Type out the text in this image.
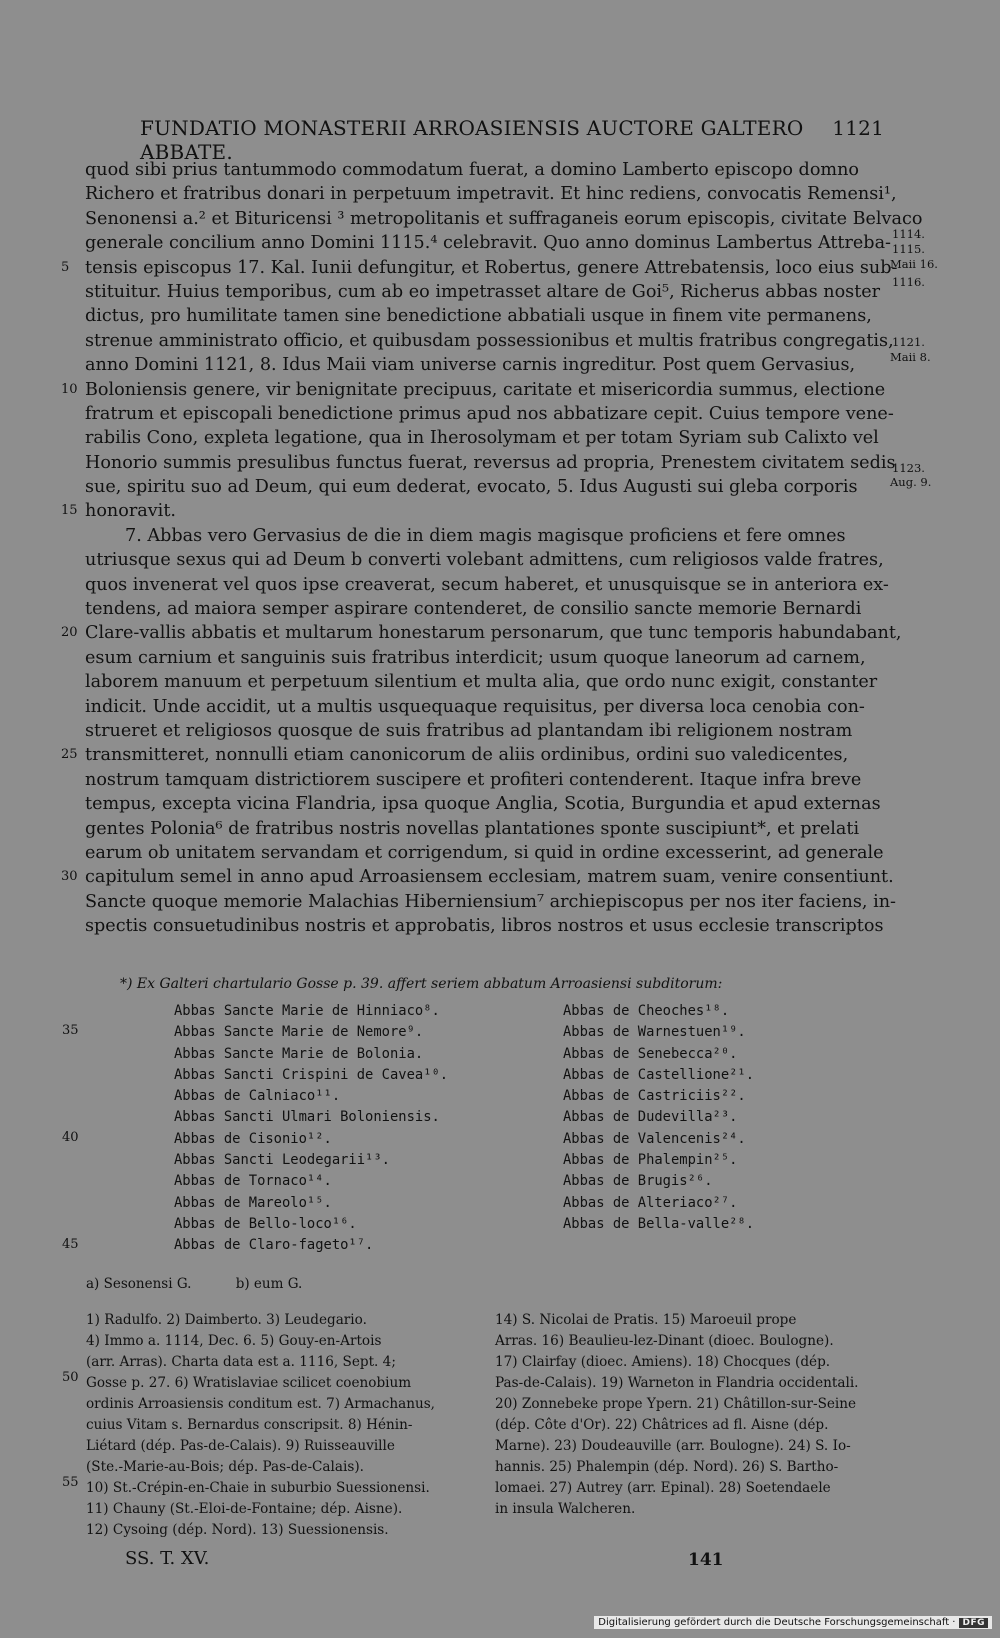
FUNDATIO MONASTERII ARROASIENSIS AUCTORE GALTERO ABBATE.
1121
quod sibi prius tantummodo commodatum fuerat, a domino Lamberto episcopo domno
Richero et fratribus donari in perpetuum impetravit. Et hinc rediens, convocatis Remensi¹,
Senonensi a.² et Bituricensi ³ metropolitanis et suffraganeis eorum episcopis, civitate Belvaco
generale concilium anno Domini 1115.⁴ celebravit. Quo anno dominus Lambertus Attreba-
tensis episcopus 17. Kal. Iunii defungitur, et Robertus, genere Attrebatensis, loco eius sub-
5
stituitur. Huius temporibus, cum ab eo impetrasset altare de Goi⁵, Richerus abbas noster
dictus, pro humilitate tamen sine benedictione abbatiali usque in finem vite permanens,
strenue amministrato officio, et quibusdam possessionibus et multis fratribus congregatis,
anno Domini 1121, 8. Idus Maii viam universe carnis ingreditur. Post quem Gervasius,
Boloniensis genere, vir benignitate precipuus, caritate et misericordia summus, electione
10
fratrum et episcopali benedictione primus apud nos abbatizare cepit. Cuius tempore vene-
rabilis Cono, expleta legatione, qua in Iherosolymam et per totam Syriam sub Calixto vel
Honorio summis presulibus functus fuerat, reversus ad propria, Prenestem civitatem sedis
sue, spiritu suo ad Deum, qui eum dederat, evocato, 5. Idus Augusti sui gleba corporis
honoravit.
15
7. Abbas vero Gervasius de die in diem magis magisque proficiens et fere omnes
utriusque sexus qui ad Deum b converti volebant admittens, cum religiosos valde fratres,
quos invenerat vel quos ipse creaverat, secum haberet, et unusquisque se in anteriora ex-
tendens, ad maiora semper aspirare contenderet, de consilio sancte memorie Bernardi
Clare-vallis abbatis et multarum honestarum personarum, que tunc temporis habundabant,
20
esum carnium et sanguinis suis fratribus interdicit; usum quoque laneorum ad carnem,
laborem manuum et perpetuum silentium et multa alia, que ordo nunc exigit, constanter
indicit. Unde accidit, ut a multis usquequaque requisitus, per diversa loca cenobia con-
strueret et religiosos quosque de suis fratribus ad plantandam ibi religionem nostram
transmitteret, nonnulli etiam canonicorum de aliis ordinibus, ordini suo valedicentes,
25
nostrum tamquam districtiorem suscipere et profiteri contenderent. Itaque infra breve
tempus, excepta vicina Flandria, ipsa quoque Anglia, Scotia, Burgundia et apud externas
gentes Polonia⁶ de fratribus nostris novellas plantationes sponte suscipiunt*, et prelati
earum ob unitatem servandam et corrigendum, si quid in ordine excesserint, ad generale
capitulum semel in anno apud Arroasiensem ecclesiam, matrem suam, venire consentiunt.
30
Sancte quoque memorie Malachias Hiberniensium⁷ archiepiscopus per nos iter faciens, in-
spectis consuetudinibus nostris et approbatis, libros nostros et usus ecclesie transcriptos
1114.
1115.
Maii 16.
1116.
1121.
Maii 8.
1123.
Aug. 9.
*) Ex Galteri chartulario Gosse p. 39. affert seriem abbatum Arroasiensi subditorum:
Abbas Sancte Marie de Hinniaco⁸.
Abbas Sancte Marie de Nemore⁹.
Abbas Sancte Marie de Bolonia.
Abbas Sancti Crispini de Cavea¹⁰.
Abbas de Calniaco¹¹.
Abbas Sancti Ulmari Boloniensis.
Abbas de Cisonio¹².
Abbas Sancti Leodegarii¹³.
Abbas de Tornaco¹⁴.
Abbas de Mareolo¹⁵.
Abbas de Bello-loco¹⁶.
Abbas de Claro-fageto¹⁷.
Abbas de Cheoches¹⁸.
Abbas de Warnestuen¹⁹.
Abbas de Senebecca²⁰.
Abbas de Castellione²¹.
Abbas de Castriciis²².
Abbas de Dudevilla²³.
Abbas de Valencenis²⁴.
Abbas de Phalempin²⁵.
Abbas de Brugis²⁶.
Abbas de Alteriaco²⁷.
Abbas de Bella-valle²⁸.
35
40
45
50
55
a) Sesonensi G.	b) eum G.
1) Radulfo. 2) Daimberto. 3) Leudegario.
4) Immo a. 1114, Dec. 6. 5) Gouy-en-Artois
(arr. Arras). Charta data est a. 1116, Sept. 4;
Gosse p. 27. 6) Wratislaviae scilicet coenobium
ordinis Arroasiensis conditum est. 7) Armachanus,
cuius Vitam s. Bernardus conscripsit. 8) Hénin-
Liétard (dép. Pas-de-Calais). 9) Ruisseauville
(Ste.-Marie-au-Bois; dép. Pas-de-Calais).
10) St.-Crépin-en-Chaie in suburbio Suessionensi.
11) Chauny (St.-Eloi-de-Fontaine; dép. Aisne).
12) Cysoing (dép. Nord). 13) Suessionensis.
14) S. Nicolai de Pratis. 15) Maroeuil prope
Arras. 16) Beaulieu-lez-Dinant (dioec. Boulogne).
17) Clairfay (dioec. Amiens). 18) Chocques (dép.
Pas-de-Calais). 19) Warneton in Flandria occidentali.
20) Zonnebeke prope Ypern. 21) Châtillon-sur-Seine
(dép. Côte d'Or). 22) Châtrices ad fl. Aisne (dép.
Marne). 23) Doudeauville (arr. Boulogne). 24) S. Io-
hannis. 25) Phalempin (dép. Nord). 26) S. Bartho-
lomaei. 27) Autrey (arr. Epinal). 28) Soetendaele
in insula Walcheren.
SS. T. XV.	141
Digitalisierung gefördert durch die Deutsche Forschungsgemeinschaft · DFG
